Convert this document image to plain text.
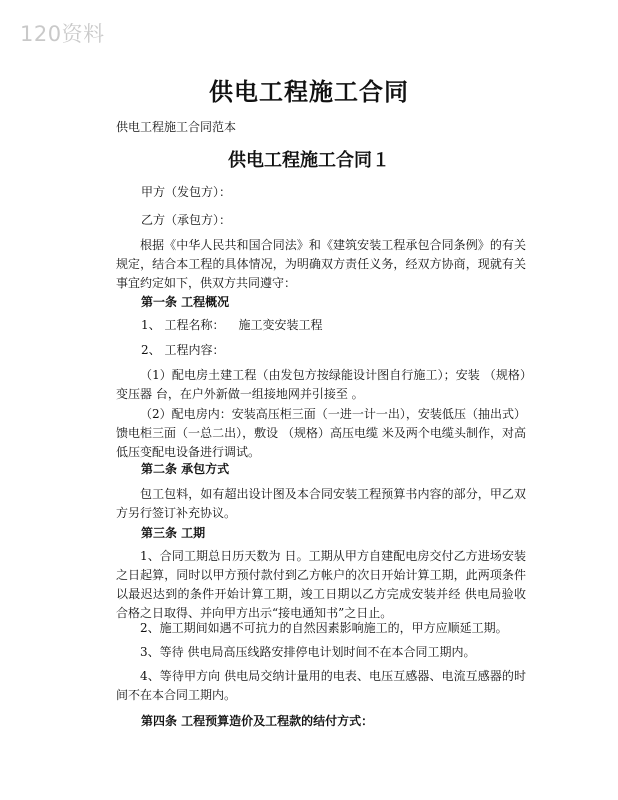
120资料
供电工程施工合同
供电工程施工合同范本
供电工程施工合同１
甲方（发包方）：
乙方（承包方）：
根据《中华人民共和国合同法》和《建筑安装工程承包合同条例》的有关规定，结合本工程的具体情况，为明确双方责任义务，经双方协商，现就有关事宜约定如下，供双方共同遵守：
第一条 工程概况
1、 工程名称： 施工变安装工程
2、 工程内容：
（1）配电房土建工程（由发包方按绿能设计图自行施工）；安装 （规格）变压器 台，在户外新做一组接地网并引接至 。
（2）配电房内：安装高压柜三面（一进一计一出），安装低压（抽出式）馈电柜三面（一总二出），敷设 （规格）高压电缆 米及两个电缆头制作，对高低压变配电设备进行调试。
第二条 承包方式
包工包料，如有超出设计图及本合同安装工程预算书内容的部分，甲乙双方另行签订补充协议。
第三条 工期
1、合同工期总日历天数为 日。工期从甲方自建配电房交付乙方进场安装之日起算，同时以甲方预付款付到乙方帐户的次日开始计算工期，此两项条件以最迟达到的条件开始计算工期，竣工日期以乙方完成安装并经 供电局验收合格之日取得、并向甲方出示“接电通知书”之日止。
2、施工期间如遇不可抗力的自然因素影响施工的，甲方应顺延工期。
3、等待 供电局高压线路安排停电计划时间不在本合同工期内。
4、等待甲方向 供电局交纳计量用的电表、电压互感器、电流互感器的时间不在本合同工期内。
第四条 工程预算造价及工程款的结付方式：
